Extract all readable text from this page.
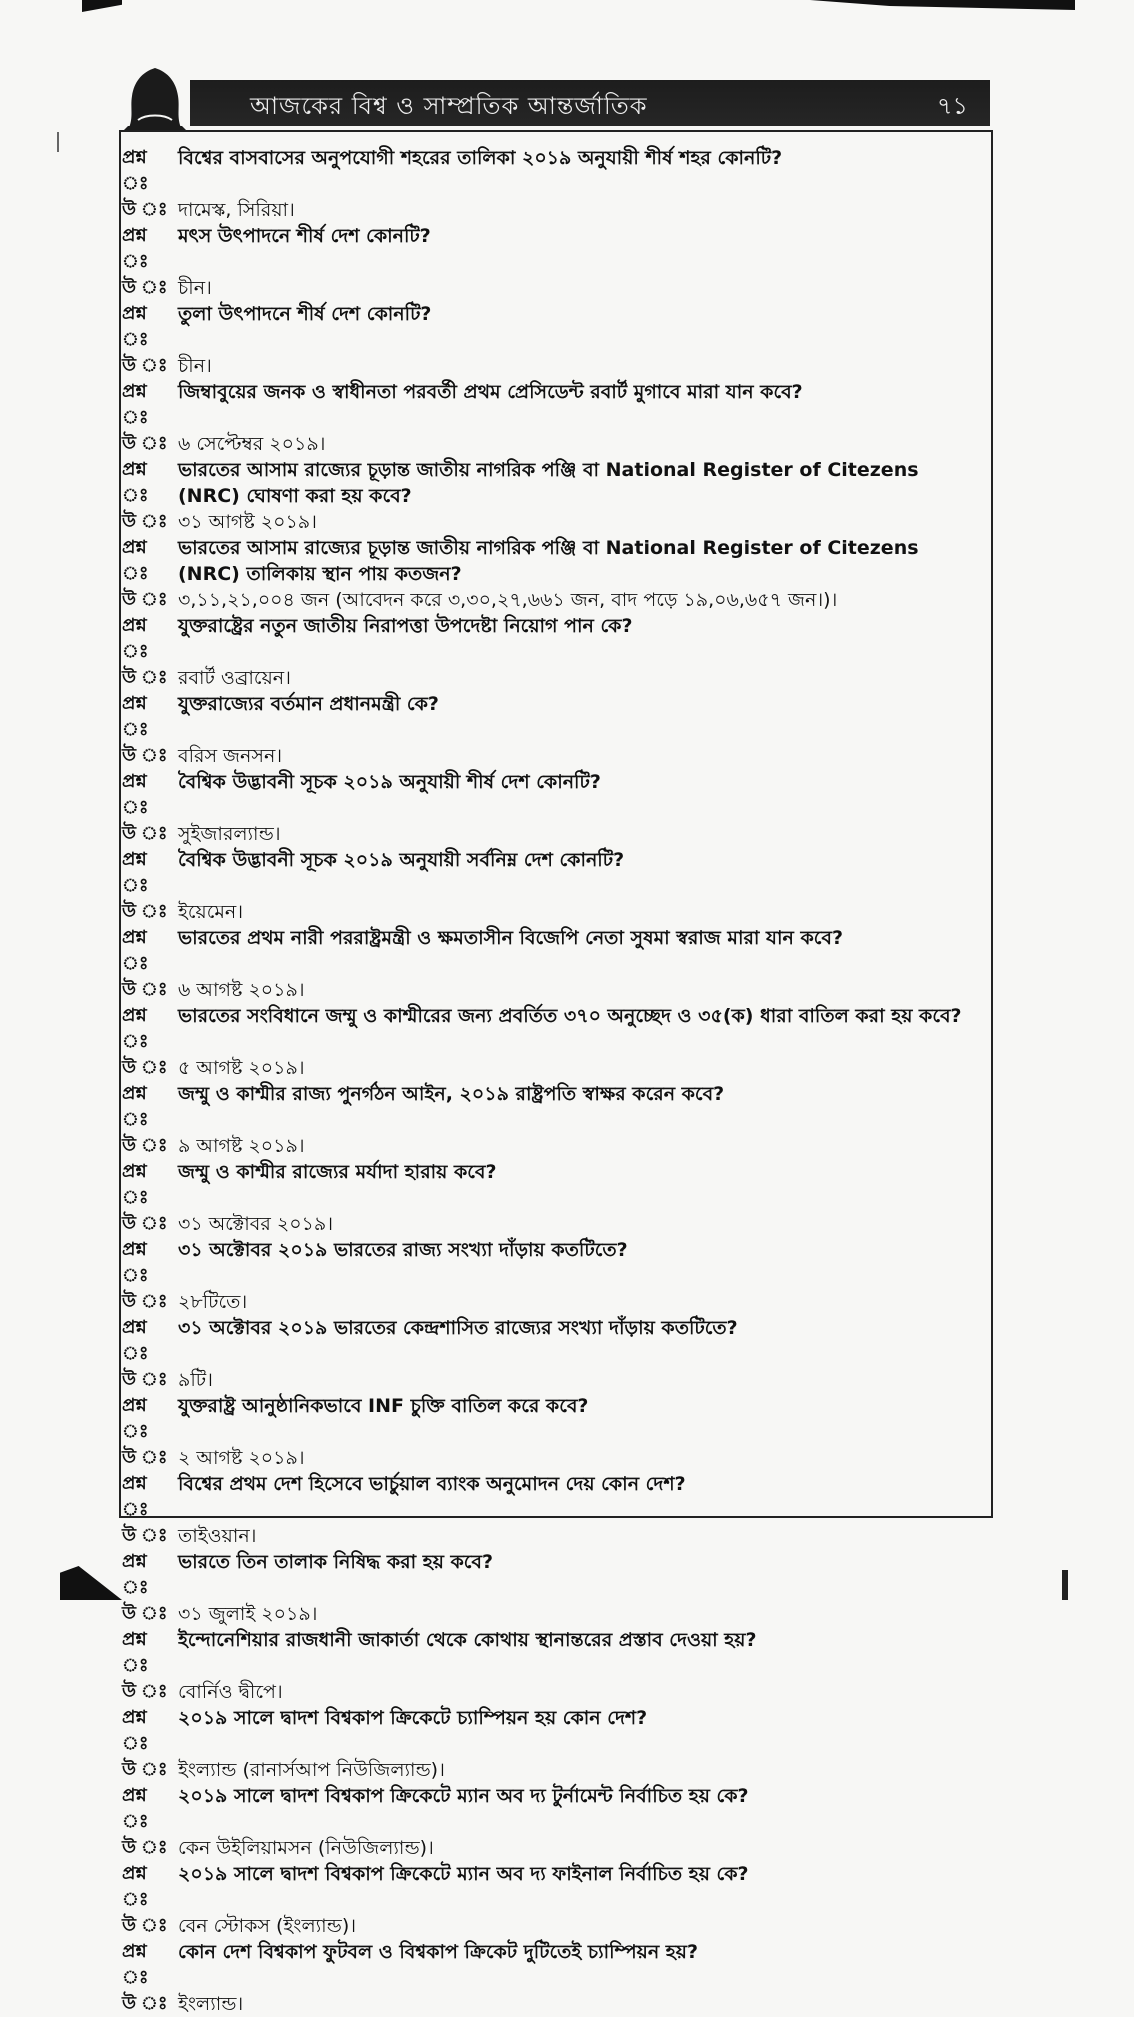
আজকের বিশ্ব ও সাম্প্রতিক আন্তর্জাতিক	৭১
প্রশ্ন ঃ
বিশ্বের বাসবাসের অনুপযোগী শহরের তালিকা ২০১৯ অনুযায়ী শীর্ষ শহর কোনটি?
উ ঃ দামেস্ক, সিরিয়া।
প্রশ্ন ঃ
মৎস উৎপাদনে শীর্ষ দেশ কোনটি?
উ ঃ চীন।
প্রশ্ন ঃ
তুলা উৎপাদনে শীর্ষ দেশ কোনটি?
উ ঃ চীন।
প্রশ্ন ঃ
জিম্বাবুয়ের জনক ও স্বাধীনতা পরবর্তী প্রথম প্রেসিডেন্ট রবার্ট মুগাবে মারা যান কবে?
উ ঃ ৬ সেপ্টেম্বর ২০১৯।
প্রশ্ন ঃ
ভারতের আসাম রাজ্যের চূড়ান্ত জাতীয় নাগরিক পঞ্জি বা National Register of Citezens (NRC) ঘোষণা করা হয় কবে?
উ ঃ ৩১ আগষ্ট ২০১৯।
প্রশ্ন ঃ
ভারতের আসাম রাজ্যের চূড়ান্ত জাতীয় নাগরিক পঞ্জি বা National Register of Citezens (NRC) তালিকায় স্থান পায় কতজন?
উ ঃ ৩,১১,২১,০০৪ জন (আবেদন করে ৩,৩০,২৭,৬৬১ জন, বাদ পড়ে ১৯,০৬,৬৫৭ জন।)।
প্রশ্ন ঃ
যুক্তরাষ্ট্রের নতুন জাতীয় নিরাপত্তা উপদেষ্টা নিয়োগ পান কে?
উ ঃ রবার্ট ওব্রায়েন।
প্রশ্ন ঃ
যুক্তরাজ্যের বর্তমান প্রধানমন্ত্রী কে?
উ ঃ বরিস জনসন।
প্রশ্ন ঃ
বৈশ্বিক উদ্ভাবনী সূচক ২০১৯ অনুযায়ী শীর্ষ দেশ কোনটি?
উ ঃ সুইজারল্যান্ড।
প্রশ্ন ঃ
বৈশ্বিক উদ্ভাবনী সূচক ২০১৯ অনুযায়ী সর্বনিম্ন দেশ কোনটি?
উ ঃ ইয়েমেন।
প্রশ্ন ঃ
ভারতের প্রথম নারী পররাষ্ট্রমন্ত্রী ও ক্ষমতাসীন বিজেপি নেতা সুষমা স্বরাজ মারা যান কবে?
উ ঃ ৬ আগষ্ট ২০১৯।
প্রশ্ন ঃ
ভারতের সংবিধানে জম্মু ও কাশ্মীরের জন্য প্রবর্তিত ৩৭০ অনুচ্ছেদ ও ৩৫(ক) ধারা বাতিল করা হয় কবে?
উ ঃ ৫ আগষ্ট ২০১৯।
প্রশ্ন ঃ
জম্মু ও কাশ্মীর রাজ্য পুনর্গঠন আইন, ২০১৯ রাষ্ট্রপতি স্বাক্ষর করেন কবে?
উ ঃ ৯ আগষ্ট ২০১৯।
প্রশ্ন ঃ
জম্মু ও কাশ্মীর রাজ্যের মর্যাদা হারায় কবে?
উ ঃ ৩১ অক্টোবর ২০১৯।
প্রশ্ন ঃ
৩১ অক্টোবর ২০১৯ ভারতের রাজ্য সংখ্যা দাঁড়ায় কতটিতে?
উ ঃ ২৮টিতে।
প্রশ্ন ঃ
৩১ অক্টোবর ২০১৯ ভারতের কেন্দ্রশাসিত রাজ্যের সংখ্যা দাঁড়ায় কতটিতে?
উ ঃ ৯টি।
প্রশ্ন ঃ
যুক্তরাষ্ট্র আনুষ্ঠানিকভাবে INF চুক্তি বাতিল করে কবে?
উ ঃ ২ আগষ্ট ২০১৯।
প্রশ্ন ঃ
বিশ্বের প্রথম দেশ হিসেবে ভার্চুয়াল ব্যাংক অনুমোদন দেয় কোন দেশ?
উ ঃ তাইওয়ান।
প্রশ্ন ঃ
ভারতে তিন তালাক নিষিদ্ধ করা হয় কবে?
উ ঃ ৩১ জুলাই ২০১৯।
প্রশ্ন ঃ
ইন্দোনেশিয়ার রাজধানী জাকার্তা থেকে কোথায় স্থানান্তরের প্রস্তাব দেওয়া হয়?
উ ঃ বোর্নিও দ্বীপে।
প্রশ্ন ঃ
২০১৯ সালে দ্বাদশ বিশ্বকাপ ক্রিকেটে চ্যাম্পিয়ন হয় কোন দেশ?
উ ঃ ইংল্যান্ড (রানার্সআপ নিউজিল্যান্ড)।
প্রশ্ন ঃ
২০১৯ সালে দ্বাদশ বিশ্বকাপ ক্রিকেটে ম্যান অব দ্য টুর্নামেন্ট নির্বাচিত হয় কে?
উ ঃ কেন উইলিয়ামসন (নিউজিল্যান্ড)।
প্রশ্ন ঃ
২০১৯ সালে দ্বাদশ বিশ্বকাপ ক্রিকেটে ম্যান অব দ্য ফাইনাল নির্বাচিত হয় কে?
উ ঃ বেন স্টোকস (ইংল্যান্ড)।
প্রশ্ন ঃ
কোন দেশ বিশ্বকাপ ফুটবল ও বিশ্বকাপ ক্রিকেট দুটিতেই চ্যাম্পিয়ন হয়?
উ ঃ ইংল্যান্ড।
